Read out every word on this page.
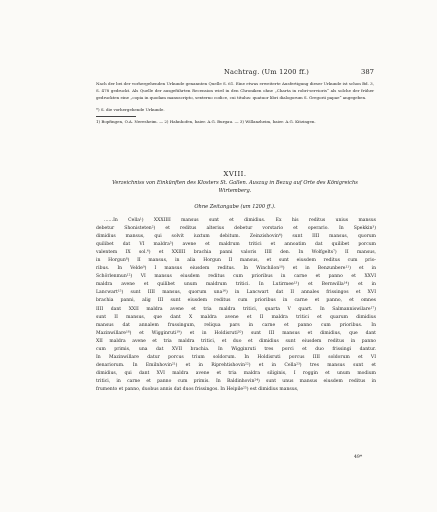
Nachtrag. (Um 1200 ff.)	387
Nach der bei der vorhergehenden Urkunde genannten Quelle S. 61. Eine etwas erweiterte Ausfertigung dieser Urkunde ist schon Bd. 3, S. 478 gedruckt. Als Quelle der ausgeführten Recension wird in den Chroniken ohne „Charta in robri-servioris“ als solche der früher gedruckten eine „copia in quodam manuscripto, sexterno codice, cui titulus: quatuor libri dialogorum S. Gregorii papae“ angegeben.
*) S. die vorhergehende Urkunde.
1) Bopfingen, O.A. Neresheim. — 2) Hahnhofen, baier. A.G. Burgau. — 3) Willanzheim, baier. A.G. Kitzingen.
XVIII.
Verzeichniss von Einkünften des Klosters St. Gallen. Auszug in Bezug auf Orte des Königreichs Wirtemberg.
Ohne Zeitangabe (um 1200 ff.).
……In Cella¹) XXXIIII mansus sunt et dimidius. Ex his reditus unius mansus
debetur Shonisteten²) et reditus alterius debetur vorstario et operario. In Spekkin³)
dimidius mansus, qui solvit iuxtum debitum. Zeinzishovin⁴) sunt IIII mansus, quorum
quilibet dat VI maldra⁵) avene et maldrum tritici et annoatim dat quilibet porcum
valentem IX sol.⁶) et XXIIII brachia panni valoris IIII den. In Wolfgelts⁷) II mansus,
in Horgun⁸) II mansus, in alia Horgun II mansus, et sunt eiusdem reditus cum prio-
ribus. In Velde⁹) I mansus eiusdem reditus. In Winchilon¹⁰) et in Benzunbere¹¹) et in
Schörlenmun¹²) VI mansus eiusdem reditus cum prioribus in carne et panno et XXVI
maldra avene et quilibet unum maldrum tritici. In Lutirmee¹³) et Bernwilla¹⁴) et in
Lancwart¹⁵) sunt IIII mansus, quorum una¹⁶) in Lancwart dat II annales frissingos et XVI
brachia panni, alig III sunt eiusdem reditus cum prioribus in carne et panno, et omnes
IIII dant XXII maldra avene et tria maldra tritici, quarta V quart. In Salmanniswilare¹⁷)
sunt II mansus, que dant X maldra avene et II maldra tritici et quarum dimidius
mansus dat annalem frussingum, reliqua pars in carne et panno cum prioribus. In
Mazinwillare¹⁸) et Wigginruti¹⁹) et in Holdisruti²⁰) sunt III mansus et dimidius, que dant
XII maldra avene et tria maldra tritici, et duo et dimidius sunt eiusdem reditus in panno
cum primis, una dat XVII brachia. In Wigginruti tres porci et duo frissingi dantur.
In Mazinwillare datur porcus trium soldorum. In Holdisruti porcus IIII soldorum et VI
denariorum. In Emilnhovin²¹) et in Riprehtishovin²²) et in Cella²³) tres mansus sunt et
dimidius, qui dant XVI maldra avene et tria maldra siliginis, I roggin et unum modium
tritici, in carne et panno cum primis. In Baldinhovin²⁴) sunt unus mansus eiusdem reditus in
frumento et panno, duobus annis dat duos frissingos. In Heipile²⁵) est dimidius mansus,
49*
